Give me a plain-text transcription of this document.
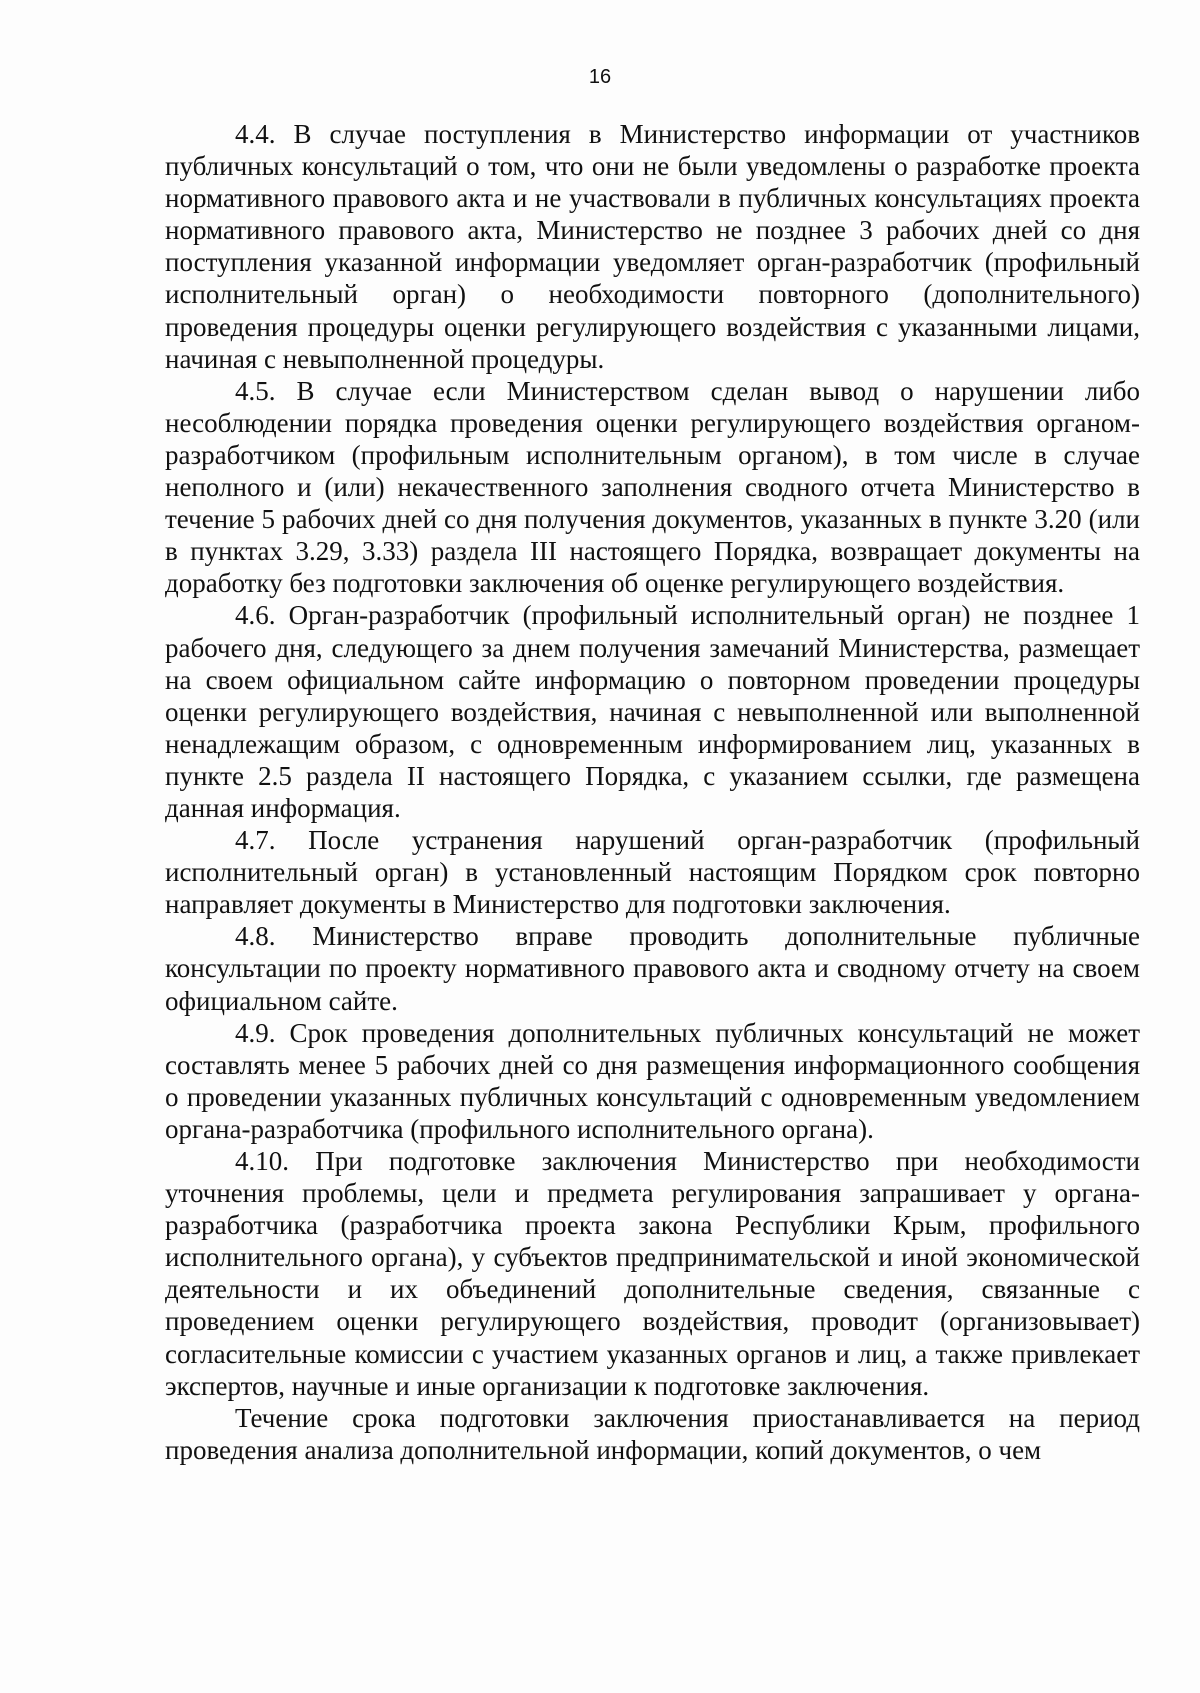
16

4.4. В случае поступления в Министерство информации от участников публичных консультаций о том, что они не были уведомлены о разработке проекта нормативного правового акта и не участвовали в публичных консультациях проекта нормативного правового акта, Министерство не позднее 3 рабочих дней со дня поступления указанной информации уведомляет орган-разработчик (профильный исполнительный орган) о необходимости повторного (дополнительного) проведения процедуры оценки регулирующего воздействия с указанными лицами, начиная с невыполненной процедуры.

4.5. В случае если Министерством сделан вывод о нарушении либо несоблюдении порядка проведения оценки регулирующего воздействия органом-разработчиком (профильным исполнительным органом), в том числе в случае неполного и (или) некачественного заполнения сводного отчета Министерство в течение 5 рабочих дней со дня получения документов, указанных в пункте 3.20 (или в пунктах 3.29, 3.33) раздела III настоящего Порядка, возвращает документы на доработку без подготовки заключения об оценке регулирующего воздействия.

4.6. Орган-разработчик (профильный исполнительный орган) не позднее 1 рабочего дня, следующего за днем получения замечаний Министерства, размещает на своем официальном сайте информацию о повторном проведении процедуры оценки регулирующего воздействия, начиная с невыполненной или выполненной ненадлежащим образом, с одновременным информированием лиц, указанных в пункте 2.5 раздела II настоящего Порядка, с указанием ссылки, где размещена данная информация.

4.7. После устранения нарушений орган-разработчик (профильный исполнительный орган) в установленный настоящим Порядком срок повторно направляет документы в Министерство для подготовки заключения.

4.8. Министерство вправе проводить дополнительные публичные консультации по проекту нормативного правового акта и сводному отчету на своем официальном сайте.

4.9. Срок проведения дополнительных публичных консультаций не может составлять менее 5 рабочих дней со дня размещения информационного сообщения о проведении указанных публичных консультаций с одновременным уведомлением органа-разработчика (профильного исполнительного органа).

4.10. При подготовке заключения Министерство при необходимости уточнения проблемы, цели и предмета регулирования запрашивает у органа-разработчика (разработчика проекта закона Республики Крым, профильного исполнительного органа), у субъектов предпринимательской и иной экономической деятельности и их объединений дополнительные сведения, связанные с проведением оценки регулирующего воздействия, проводит (организовывает) согласительные комиссии с участием указанных органов и лиц, а также привлекает экспертов, научные и иные организации к подготовке заключения.

Течение срока подготовки заключения приостанавливается на период проведения анализа дополнительной информации, копий документов, о чем
